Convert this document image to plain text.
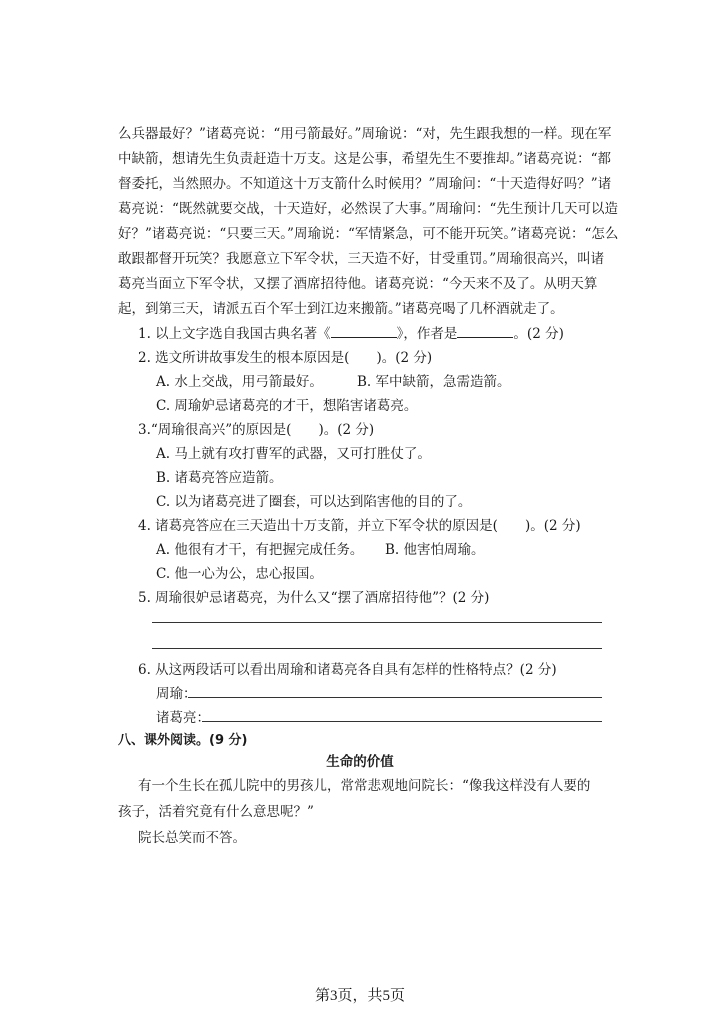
么兵器最好？”诸葛亮说：“用弓箭最好。”周瑜说：“对，先生跟我想的一样。现在军

中缺箭，想请先生负责赶造十万支。这是公事，希望先生不要推却。”诸葛亮说：“都

督委托，当然照办。不知道这十万支箭什么时候用？”周瑜问：“十天造得好吗？”诸

葛亮说：“既然就要交战，十天造好，必然误了大事。”周瑜问：“先生预计几天可以造

好？”诸葛亮说：“只要三天。”周瑜说：“军情紧急，可不能开玩笑。”诸葛亮说：“怎么

敢跟都督开玩笑？我愿意立下军令状，三天造不好，甘受重罚。”周瑜很高兴，叫诸

葛亮当面立下军令状，又摆了酒席招待他。诸葛亮说：“今天来不及了。从明天算

起，到第三天，请派五百个军士到江边来搬箭。”诸葛亮喝了几杯酒就走了。

1. 以上文字选自我国古典名著《	》，作者是	。(2 分)

2. 选文所讲故事发生的根本原因是(　　)。(2 分)

A. 水上交战，用弓箭最好。	B. 军中缺箭，急需造箭。

C. 周瑜妒忌诸葛亮的才干，想陷害诸葛亮。

3.“周瑜很高兴”的原因是(　　)。(2 分)

A. 马上就有攻打曹军的武器，又可打胜仗了。

B. 诸葛亮答应造箭。

C. 以为诸葛亮进了圈套，可以达到陷害他的目的了。

4. 诸葛亮答应在三天造出十万支箭，并立下军令状的原因是(　　)。(2 分)

A. 他很有才干，有把握完成任务。 B. 他害怕周瑜。

C. 他一心为公，忠心报国。

5. 周瑜很妒忌诸葛亮，为什么又“摆了酒席招待他”？(2 分)

6. 从这两段话可以看出周瑜和诸葛亮各自具有怎样的性格特点？(2 分)

周瑜：

诸葛亮：

八、课外阅读。(9 分)

生命的价值

有一个生长在孤儿院中的男孩儿，常常悲观地问院长：“像我这样没有人要的

孩子，活着究竟有什么意思呢？”

院长总笑而不答。

第3页，共5页
